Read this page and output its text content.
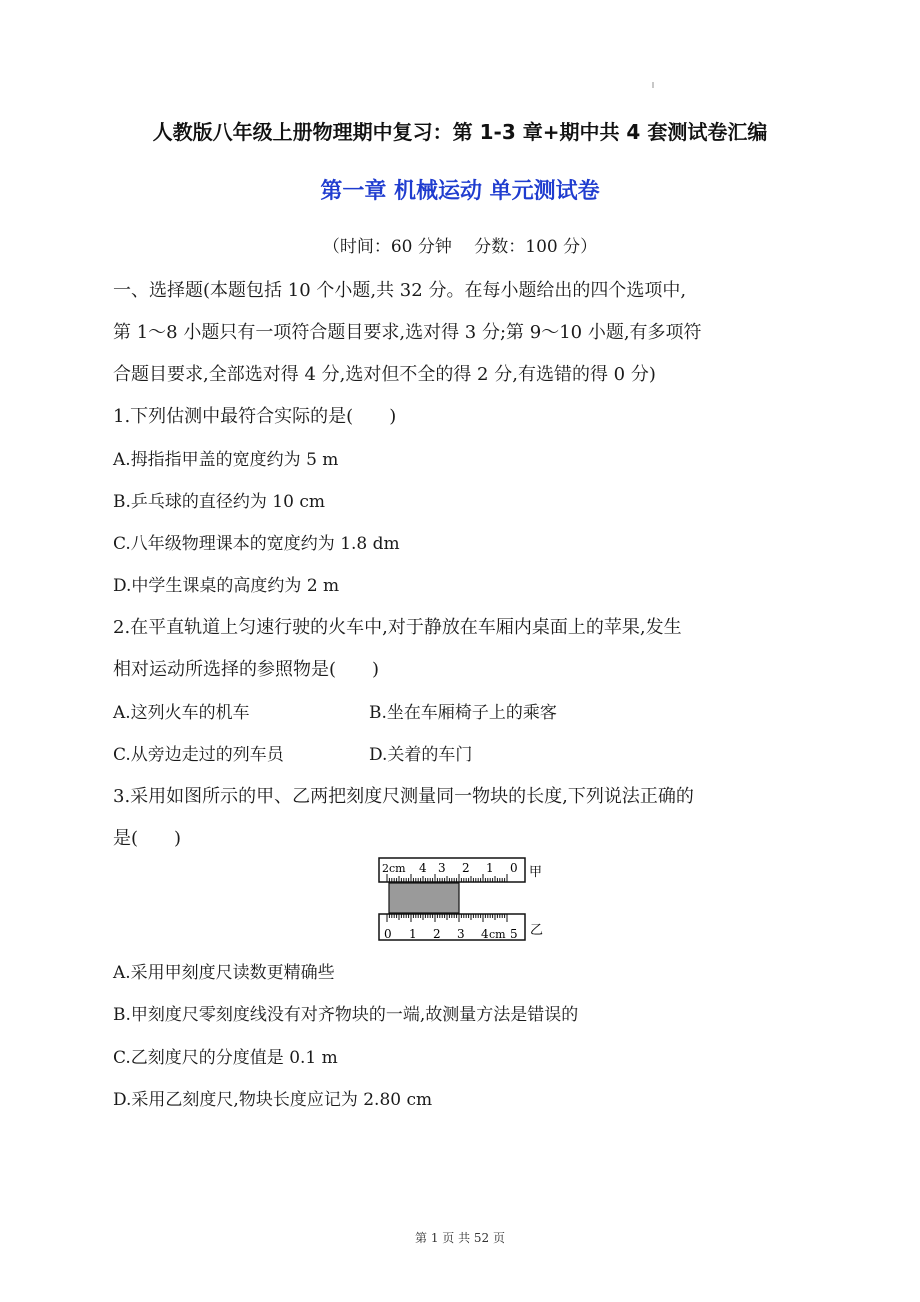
人教版八年级上册物理期中复习：第 1-3 章+期中共 4 套测试卷汇编
第一章 机械运动 单元测试卷
（时间：60 分钟　 分数：100 分）
一、选择题(本题包括 10 个小题,共 32 分。在每小题给出的四个选项中,
第 1～8 小题只有一项符合题目要求,选对得 3 分;第 9～10 小题,有多项符
合题目要求,全部选对得 4 分,选对但不全的得 2 分,有选错的得 0 分)
1.下列估测中最符合实际的是(　　)
A.拇指指甲盖的宽度约为 5 m
B.乒乓球的直径约为 10 cm
C.八年级物理课本的宽度约为 1.8 dm
D.中学生课桌的高度约为 2 m
2.在平直轨道上匀速行驶的火车中,对于静放在车厢内桌面上的苹果,发生
相对运动所选择的参照物是(　　)
A.这列火车的机车	B.坐在车厢椅子上的乘客
C.从旁边走过的列车员	D.关着的车门
3.采用如图所示的甲、乙两把刻度尺测量同一物块的长度,下列说法正确的
是(　　)
2cm 4 3 2 1 0 甲
0 1 2 3 4 cm 5 乙
A.采用甲刻度尺读数更精确些
B.甲刻度尺零刻度线没有对齐物块的一端,故测量方法是错误的
C.乙刻度尺的分度值是 0.1 m
D.采用乙刻度尺,物块长度应记为 2.80 cm
第 1 页 共 52 页
